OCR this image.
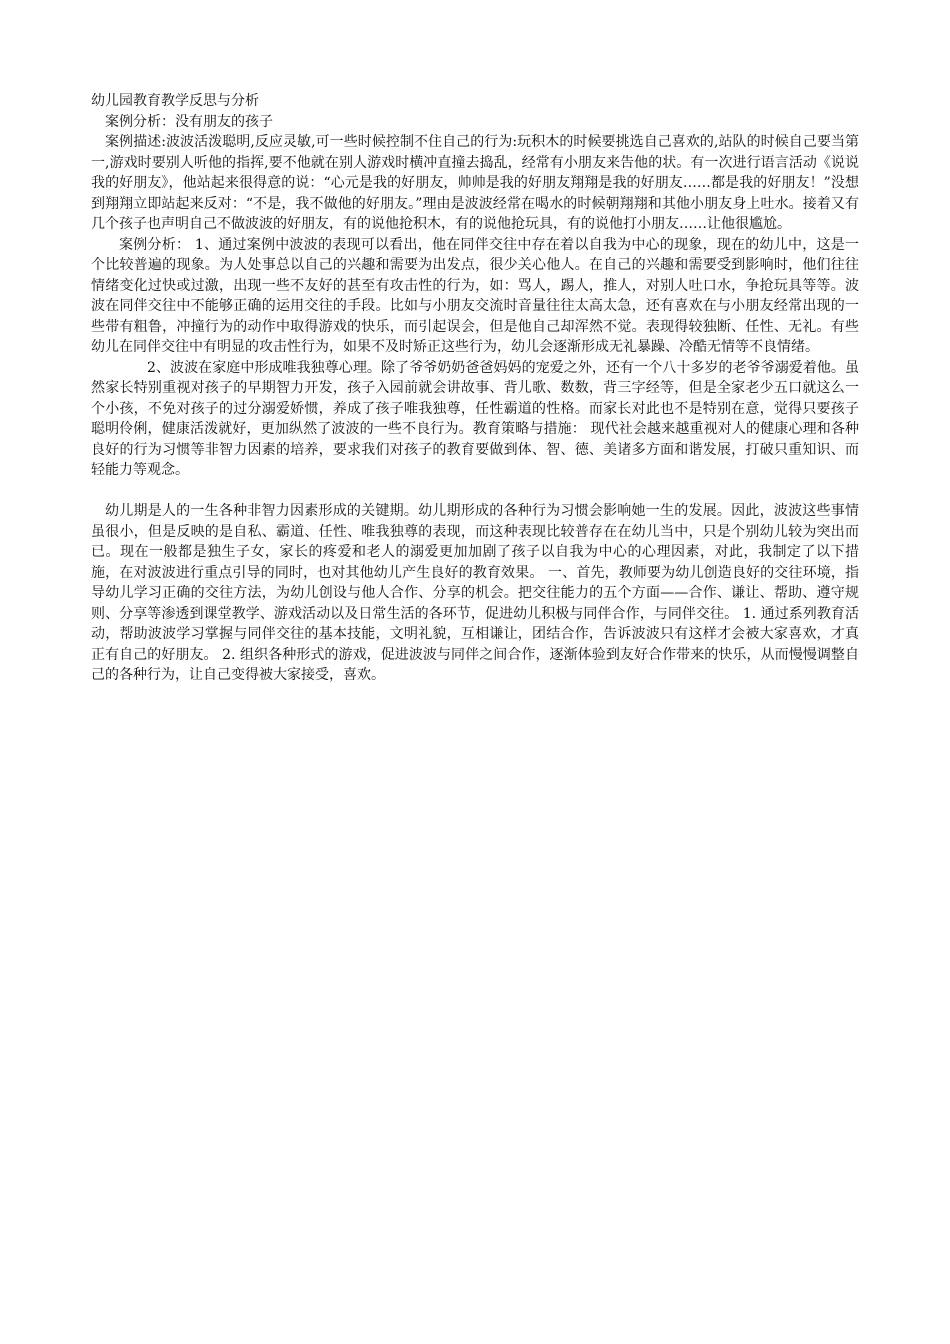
幼儿园教育教学反思与分析

案例分析：没有朋友的孩子

案例描述:波波活泼聪明,反应灵敏,可一些时候控制不住自己的行为:玩积木的时候要挑选自己喜欢的,站队的时候自己要当第一,游戏时要别人听他的指挥,要不他就在别人游戏时横冲直撞去捣乱，经常有小朋友来告他的状。有一次进行语言活动《说说我的好朋友》，他站起来很得意的说：“心元是我的好朋友，帅帅是我的好朋友翔翔是我的好朋友……都是我的好朋友！”没想到翔翔立即站起来反对：“不是，我不做他的好朋友。”理由是波波经常在喝水的时候朝翔翔和其他小朋友身上吐水。接着又有几个孩子也声明自己不做波波的好朋友，有的说他抢积木，有的说他抢玩具，有的说他打小朋友……让他很尴尬。

案例分析： 1、通过案例中波波的表现可以看出，他在同伴交往中存在着以自我为中心的现象，现在的幼儿中，这是一个比较普遍的现象。为人处事总以自己的兴趣和需要为出发点，很少关心他人。在自己的兴趣和需要受到影响时，他们往往情绪变化过快或过激，出现一些不友好的甚至有攻击性的行为，如：骂人，踢人，推人，对别人吐口水，争抢玩具等等。波波在同伴交往中不能够正确的运用交往的手段。比如与小朋友交流时音量往往太高太急，还有喜欢在与小朋友经常出现的一些带有粗鲁，冲撞行为的动作中取得游戏的快乐，而引起误会，但是他自己却浑然不觉。表现得较独断、任性、无礼。有些幼儿在同伴交往中有明显的攻击性行为，如果不及时矫正这些行为，幼儿会逐渐形成无礼暴躁、冷酷无情等不良情绪。

2、波波在家庭中形成唯我独尊心理。除了爷爷奶奶爸爸妈妈的宠爱之外，还有一个八十多岁的老爷爷溺爱着他。虽然家长特别重视对孩子的早期智力开发，孩子入园前就会讲故事、背儿歌、数数，背三字经等，但是全家老少五口就这么一个小孩，不免对孩子的过分溺爱娇惯，养成了孩子唯我独尊，任性霸道的性格。而家长对此也不是特别在意，觉得只要孩子聪明伶俐，健康活泼就好，更加纵然了波波的一些不良行为。教育策略与措施： 现代社会越来越重视对人的健康心理和各种良好的行为习惯等非智力因素的培养，要求我们对孩子的教育要做到体、智、德、美诸多方面和谐发展，打破只重知识、而轻能力等观念。

幼儿期是人的一生各种非智力因素形成的关键期。幼儿期形成的各种行为习惯会影响她一生的发展。因此，波波这些事情虽很小，但是反映的是自私、霸道、任性、唯我独尊的表现，而这种表现比较普存在在幼儿当中，只是个别幼儿较为突出而已。现在一般都是独生子女，家长的疼爱和老人的溺爱更加加剧了孩子以自我为中心的心理因素，对此，我制定了以下措施，在对波波进行重点引导的同时，也对其他幼儿产生良好的教育效果。 一、首先，教师要为幼儿创造良好的交往环境，指导幼儿学习正确的交往方法，为幼儿创设与他人合作、分享的机会。把交往能力的五个方面——合作、谦让、帮助、遵守规则、分享等渗透到课堂教学、游戏活动以及日常生活的各环节，促进幼儿积极与同伴合作，与同伴交往。 1. 通过系列教育活动，帮助波波学习掌握与同伴交往的基本技能，文明礼貌，互相谦让，团结合作，告诉波波只有这样才会被大家喜欢，才真正有自己的好朋友。 2. 组织各种形式的游戏，促进波波与同伴之间合作，逐渐体验到友好合作带来的快乐，从而慢慢调整自己的各种行为，让自己变得被大家接受，喜欢。
